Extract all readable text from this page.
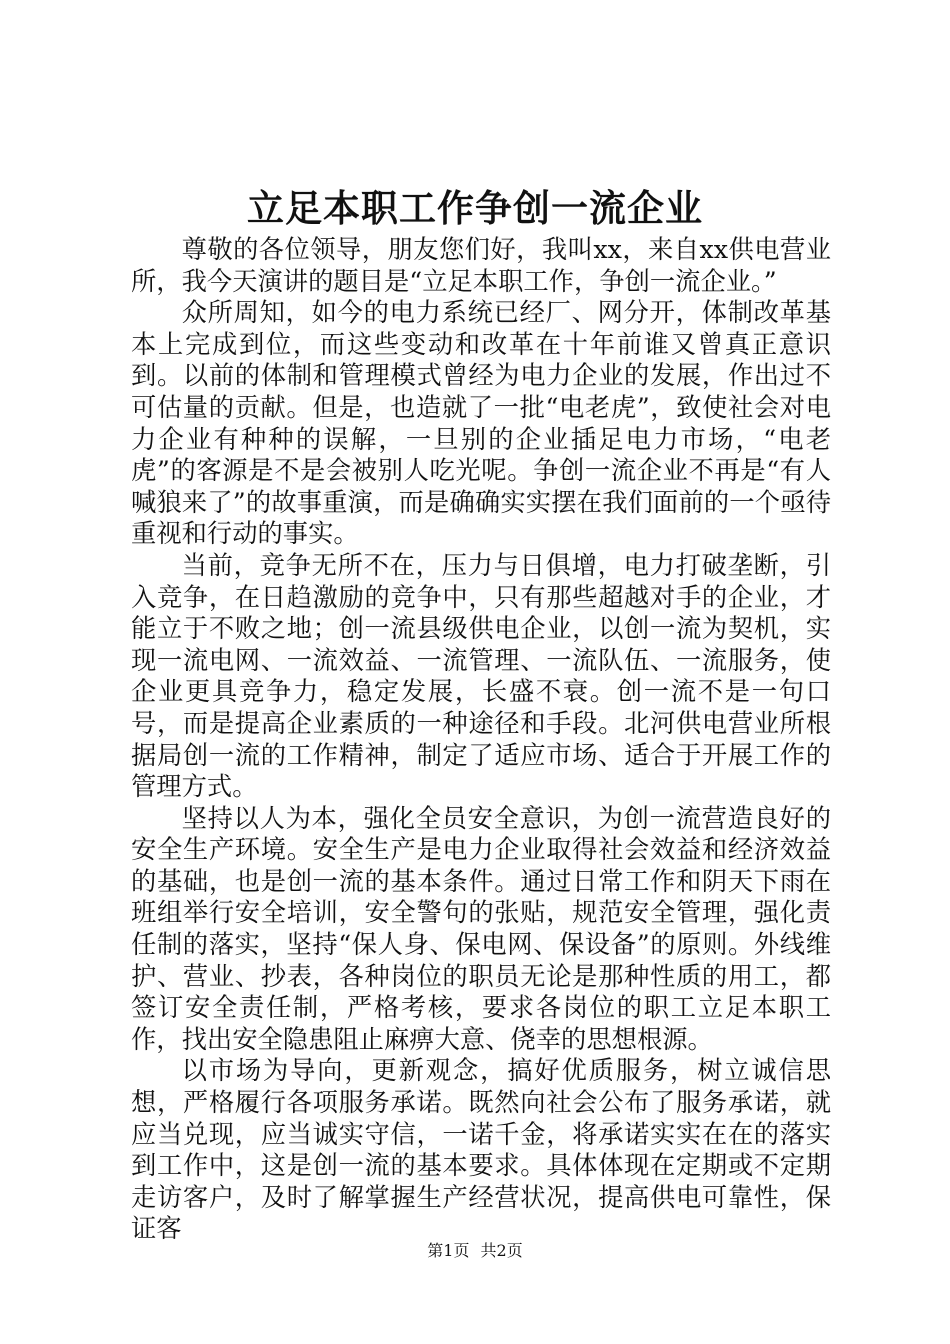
立足本职工作争创一流企业

尊敬的各位领导，朋友您们好，我叫xx，来自xx供电营业所，我今天演讲的题目是“立足本职工作，争创一流企业。”

众所周知，如今的电力系统已经厂、网分开，体制改革基本上完成到位，而这些变动和改革在十年前谁又曾真正意识到。以前的体制和管理模式曾经为电力企业的发展，作出过不可估量的贡献。但是，也造就了一批“电老虎”，致使社会对电力企业有种种的误解，一旦别的企业插足电力市场，“电老虎”的客源是不是会被别人吃光呢。争创一流企业不再是“有人喊狼来了”的故事重演，而是确确实实摆在我们面前的一个亟待重视和行动的事实。

当前，竞争无所不在，压力与日俱增，电力打破垄断，引入竞争，在日趋激励的竞争中，只有那些超越对手的企业，才能立于不败之地；创一流县级供电企业，以创一流为契机，实现一流电网、一流效益、一流管理、一流队伍、一流服务，使企业更具竞争力，稳定发展，长盛不衰。创一流不是一句口号，而是提高企业素质的一种途径和手段。北河供电营业所根据局创一流的工作精神，制定了适应市场、适合于开展工作的管理方式。

坚持以人为本，强化全员安全意识，为创一流营造良好的安全生产环境。安全生产是电力企业取得社会效益和经济效益的基础，也是创一流的基本条件。通过日常工作和阴天下雨在班组举行安全培训，安全警句的张贴，规范安全管理，强化责任制的落实，坚持“保人身、保电网、保设备”的原则。外线维护、营业、抄表，各种岗位的职员无论是那种性质的用工，都签订安全责任制，严格考核，要求各岗位的职工立足本职工作，找出安全隐患阻止麻痹大意、侥幸的思想根源。

以市场为导向，更新观念，搞好优质服务，树立诚信思想，严格履行各项服务承诺。既然向社会公布了服务承诺，就应当兑现，应当诚实守信，一诺千金，将承诺实实在在的落实到工作中，这是创一流的基本要求。具体体现在定期或不定期走访客户，及时了解掌握生产经营状况，提高供电可靠性，保证客

第1页 共2页
